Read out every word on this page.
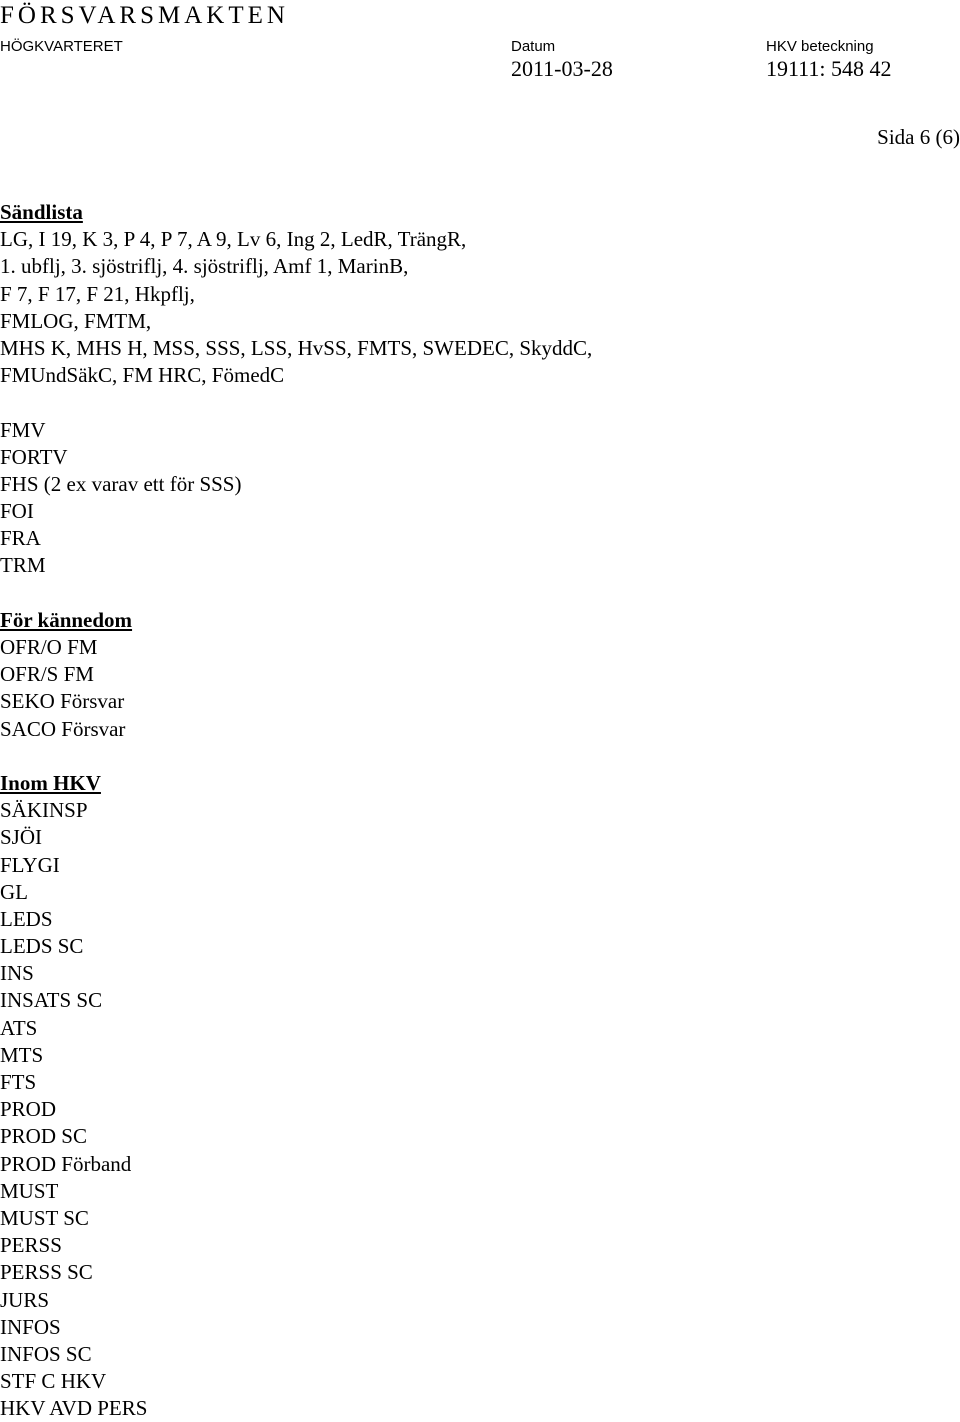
FÖRSVARSMAKTEN
HÖGKVARTERET	Datum	HKV beteckning
2011-03-28	19111: 548 42
Sida 6 (6)
Sändlista
LG, I 19, K 3, P 4, P 7, A 9, Lv 6, Ing 2, LedR, TrängR,
1. ubflj, 3. sjöstriflj, 4. sjöstriflj, Amf 1, MarinB,
F 7, F 17, F 21, Hkpflj,
FMLOG, FMTM,
MHS K, MHS H, MSS, SSS, LSS, HvSS, FMTS, SWEDEC, SkyddC,
FMUndSäkC, FM HRC, FömedC
FMV
FORTV
FHS (2 ex varav ett för SSS)
FOI
FRA
TRM
För kännedom
OFR/O FM
OFR/S FM
SEKO Försvar
SACO Försvar
Inom HKV
SÄKINSP
SJÖI
FLYGI
GL
LEDS
LEDS SC
INS
INSATS SC
ATS
MTS
FTS
PROD
PROD SC
PROD Förband
MUST
MUST SC
PERSS
PERSS SC
JURS
INFOS
INFOS SC
STF C HKV
HKV AVD PERS
